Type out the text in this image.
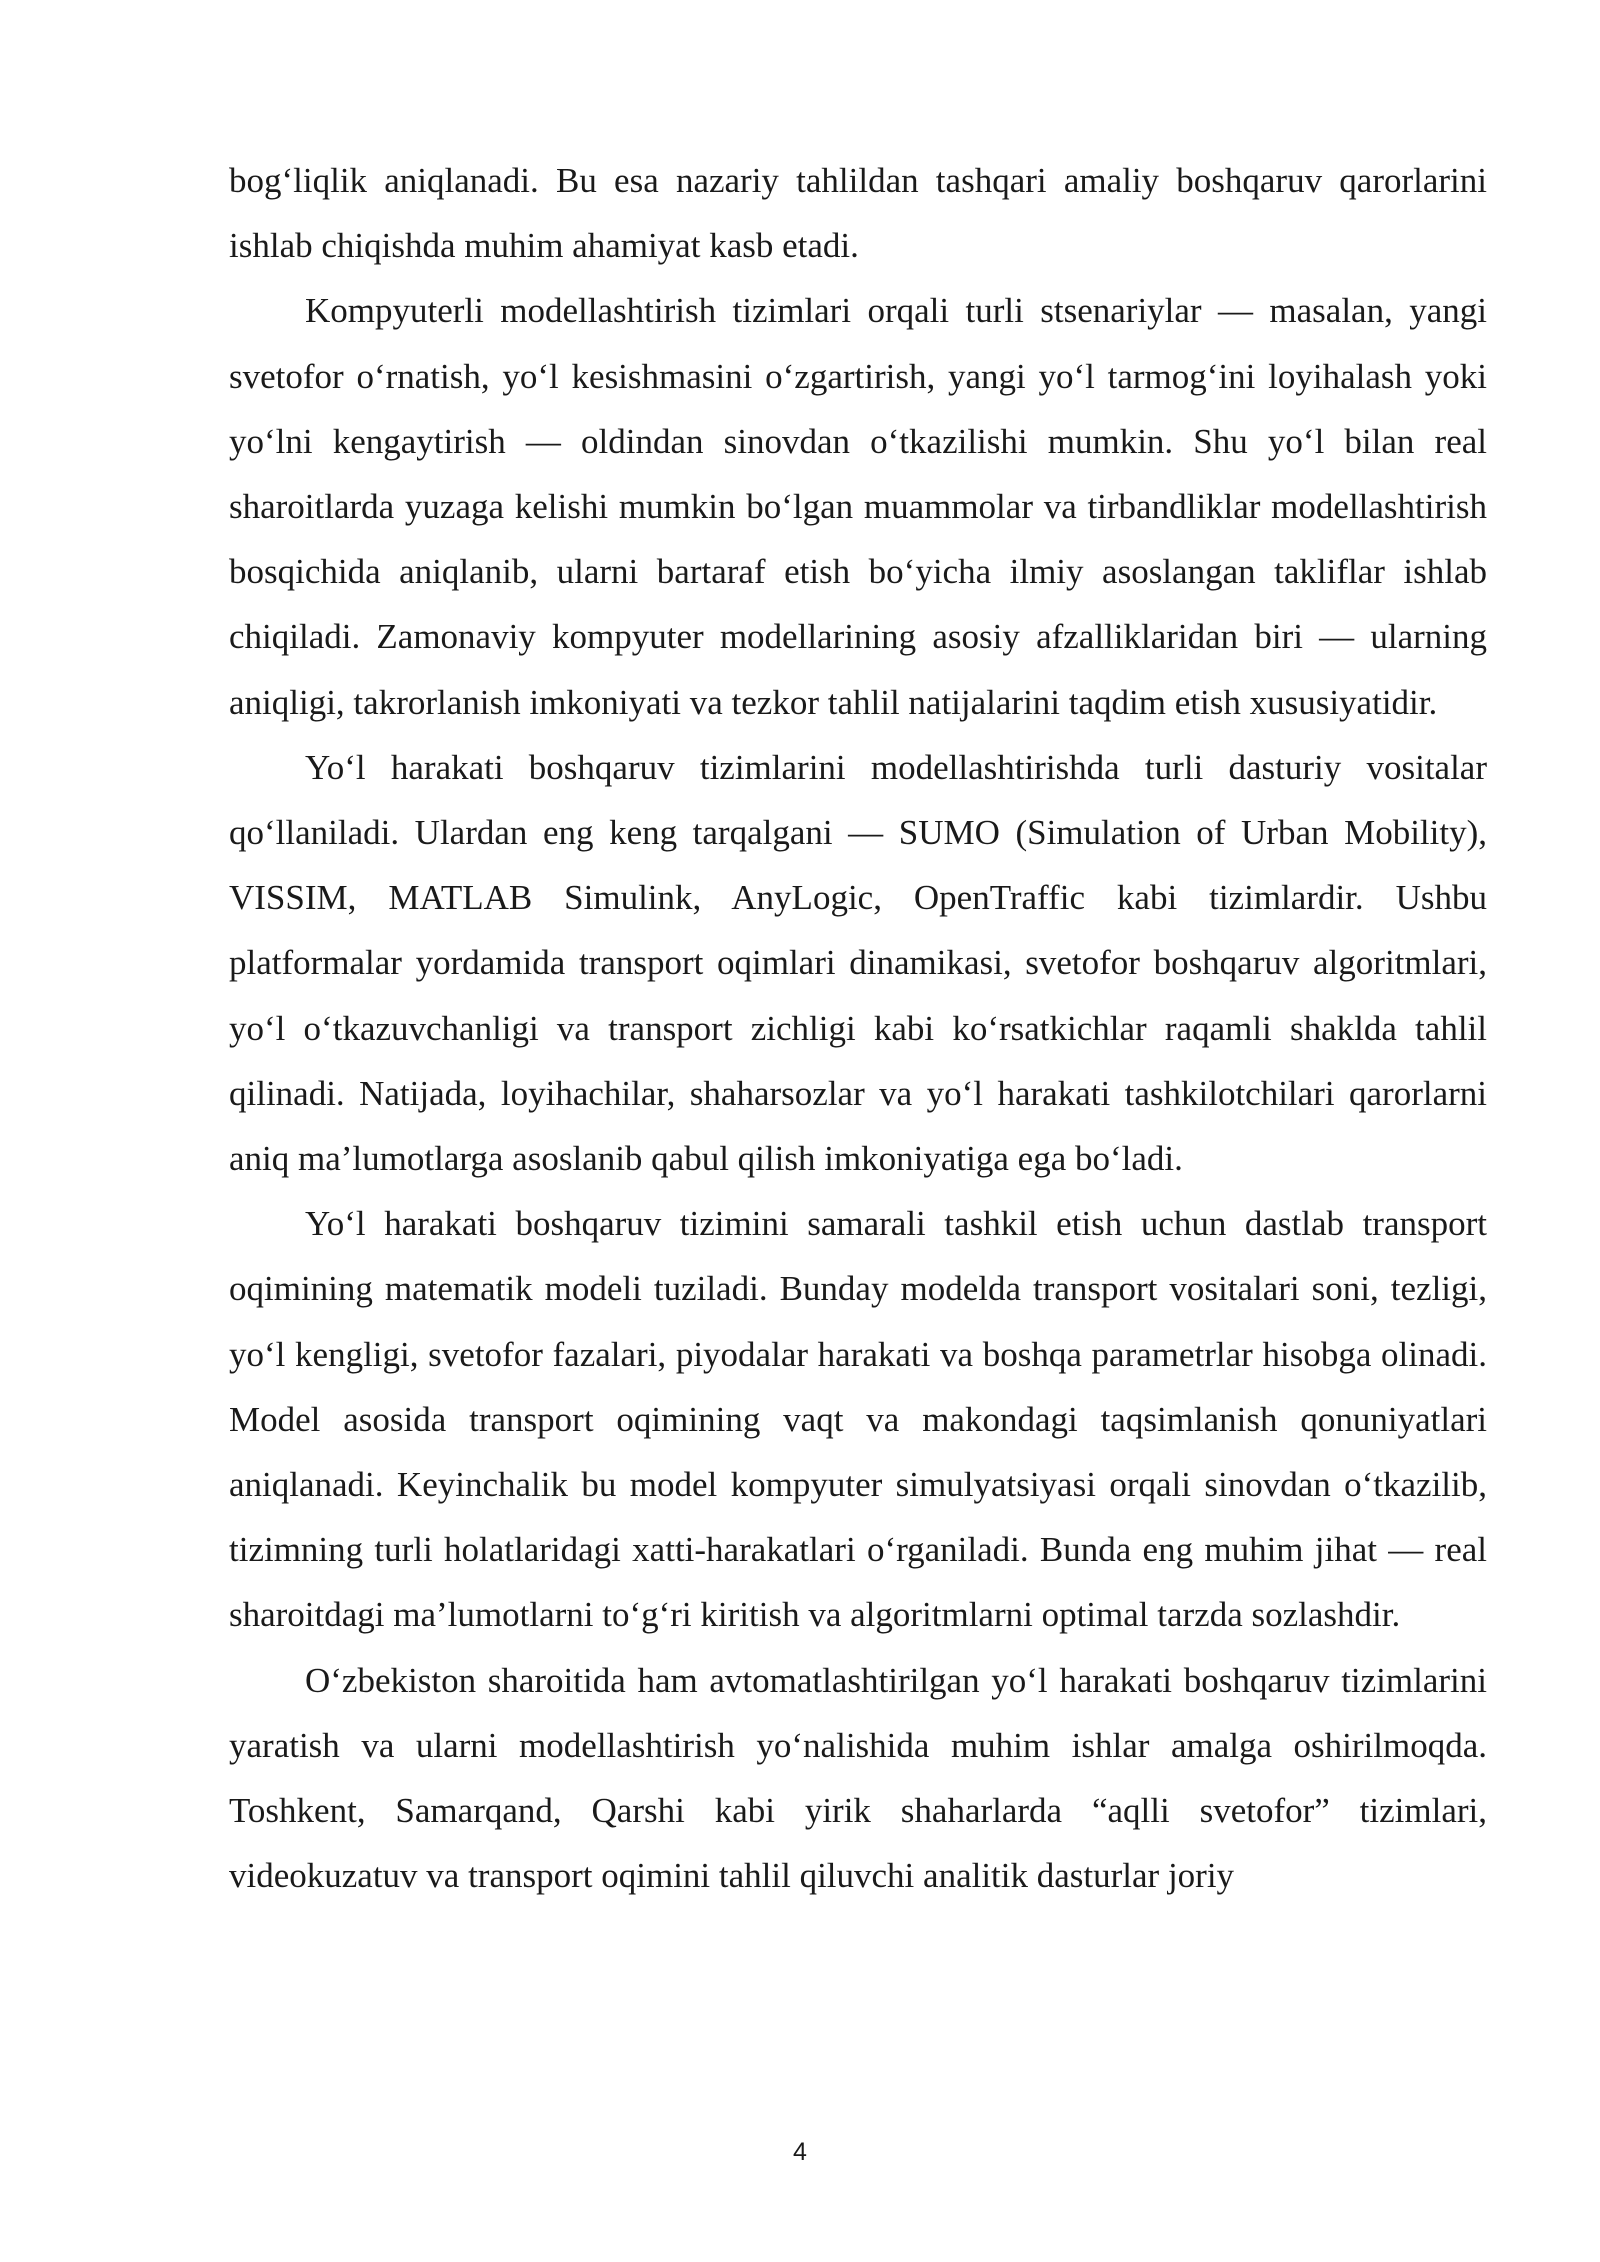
bog‘liqlik aniqlanadi. Bu esa nazariy tahlildan tashqari amaliy boshqaruv qarorlarini ishlab chiqishda muhim ahamiyat kasb etadi.

Kompyuterli modellashtirish tizimlari orqali turli stsenariylar — masalan, yangi svetofor o‘rnatish, yo‘l kesishmasini o‘zgartirish, yangi yo‘l tarmog‘ini loyihalash yoki yo‘lni kengaytirish — oldindan sinovdan o‘tkazilishi mumkin. Shu yo‘l bilan real sharoitlarda yuzaga kelishi mumkin bo‘lgan muammolar va tirbandliklar modellashtirish bosqichida aniqlanib, ularni bartaraf etish bo‘yicha ilmiy asoslangan takliflar ishlab chiqiladi. Zamonaviy kompyuter modellarining asosiy afzalliklaridan biri — ularning aniqligi, takrorlanish imkoniyati va tezkor tahlil natijalarini taqdim etish xususiyatidir.

Yo‘l harakati boshqaruv tizimlarini modellashtirishda turli dasturiy vositalar qo‘llaniladi. Ulardan eng keng tarqalgani — SUMO (Simulation of Urban Mobility), VISSIM, MATLAB Simulink, AnyLogic, OpenTraffic kabi tizimlardir. Ushbu platformalar yordamida transport oqimlari dinamikasi, svetofor boshqaruv algoritmlari, yo‘l o‘tkazuvchanligi va transport zichligi kabi ko‘rsatkichlar raqamli shaklda tahlil qilinadi. Natijada, loyihachilar, shaharsozlar va yo‘l harakati tashkilotchilari qarorlarni aniq ma’lumotlarga asoslanib qabul qilish imkoniyatiga ega bo‘ladi.

Yo‘l harakati boshqaruv tizimini samarali tashkil etish uchun dastlab transport oqimining matematik modeli tuziladi. Bunday modelda transport vositalari soni, tezligi, yo‘l kengligi, svetofor fazalari, piyodalar harakati va boshqa parametrlar hisobga olinadi. Model asosida transport oqimining vaqt va makondagi taqsimlanish qonuniyatlari aniqlanadi. Keyinchalik bu model kompyuter simulyatsiyasi orqali sinovdan o‘tkazilib, tizimning turli holatlaridagi xatti-harakatlari o‘rganiladi. Bunda eng muhim jihat — real sharoitdagi ma’lumotlarni to‘g‘ri kiritish va algoritmlarni optimal tarzda sozlashdir.

O‘zbekiston sharoitida ham avtomatlashtirilgan yo‘l harakati boshqaruv tizimlarini yaratish va ularni modellashtirish yo‘nalishida muhim ishlar amalga oshirilmoqda. Toshkent, Samarqand, Qarshi kabi yirik shaharlarda “aqlli svetofor” tizimlari, videokuzatuv va transport oqimini tahlil qiluvchi analitik dasturlar joriy

4
